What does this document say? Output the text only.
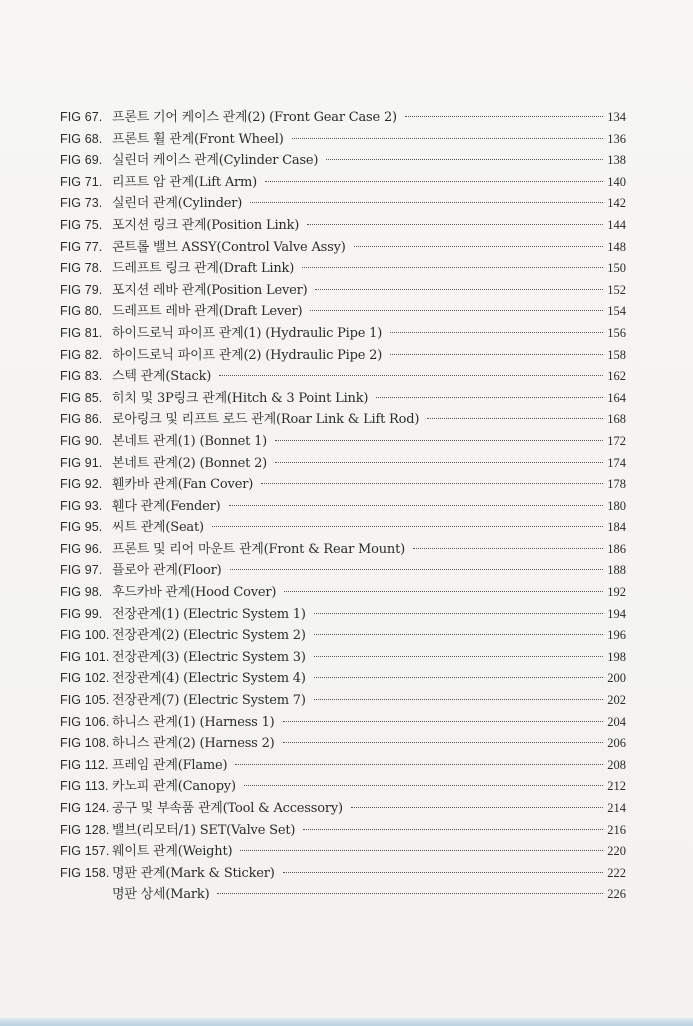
FIG 67. 프론트 기어 케이스 관계(2) (Front Gear Case 2)	134
FIG 68. 프론트 휠 관계(Front Wheel)	136
FIG 69. 실린더 케이스 관계(Cylinder Case)	138
FIG 71. 리프트 암 관계(Lift Arm)	140
FIG 73. 실린더 관계(Cylinder)	142
FIG 75. 포지션 링크 관계(Position Link)	144
FIG 77. 콘트롤 밸브 ASSY(Control Valve Assy)	148
FIG 78. 드레프트 링크 관계(Draft Link)	150
FIG 79. 포지션 레바 관계(Position Lever)	152
FIG 80. 드레프트 레바 관계(Draft Lever)	154
FIG 81. 하이드로닉 파이프 관계(1) (Hydraulic Pipe 1)	156
FIG 82. 하이드로닉 파이프 관계(2) (Hydraulic Pipe 2)	158
FIG 83. 스텍 관계(Stack)	162
FIG 85. 히치 및 3P링크 관계(Hitch & 3 Point Link)	164
FIG 86. 로아링크 및 리프트 로드 관계(Roar Link & Lift Rod)	168
FIG 90. 본네트 관계(1) (Bonnet 1)	172
FIG 91. 본네트 관계(2) (Bonnet 2)	174
FIG 92. 휀카바 관계(Fan Cover)	178
FIG 93. 휀다 관계(Fender)	180
FIG 95. 씨트 관계(Seat)	184
FIG 96. 프론트 및 리어 마운트 관계(Front & Rear Mount)	186
FIG 97. 플로아 관계(Floor)	188
FIG 98. 후드카바 관계(Hood Cover)	192
FIG 99. 전장관계(1) (Electric System 1)	194
FIG 100. 전장관계(2) (Electric System 2)	196
FIG 101. 전장관계(3) (Electric System 3)	198
FIG 102. 전장관계(4) (Electric System 4)	200
FIG 105. 전장관계(7) (Electric System 7)	202
FIG 106. 하니스 관계(1) (Harness 1)	204
FIG 108. 하니스 관계(2) (Harness 2)	206
FIG 112. 프레임 관계(Flame)	208
FIG 113. 카노피 관계(Canopy)	212
FIG 124. 공구 및 부속품 관계(Tool & Accessory)	214
FIG 128. 밸브(리모터/1) SET(Valve Set)	216
FIG 157. 웨이트 관계(Weight)	220
FIG 158. 명판 관계(Mark & Sticker)	222
명판 상세(Mark)	226
